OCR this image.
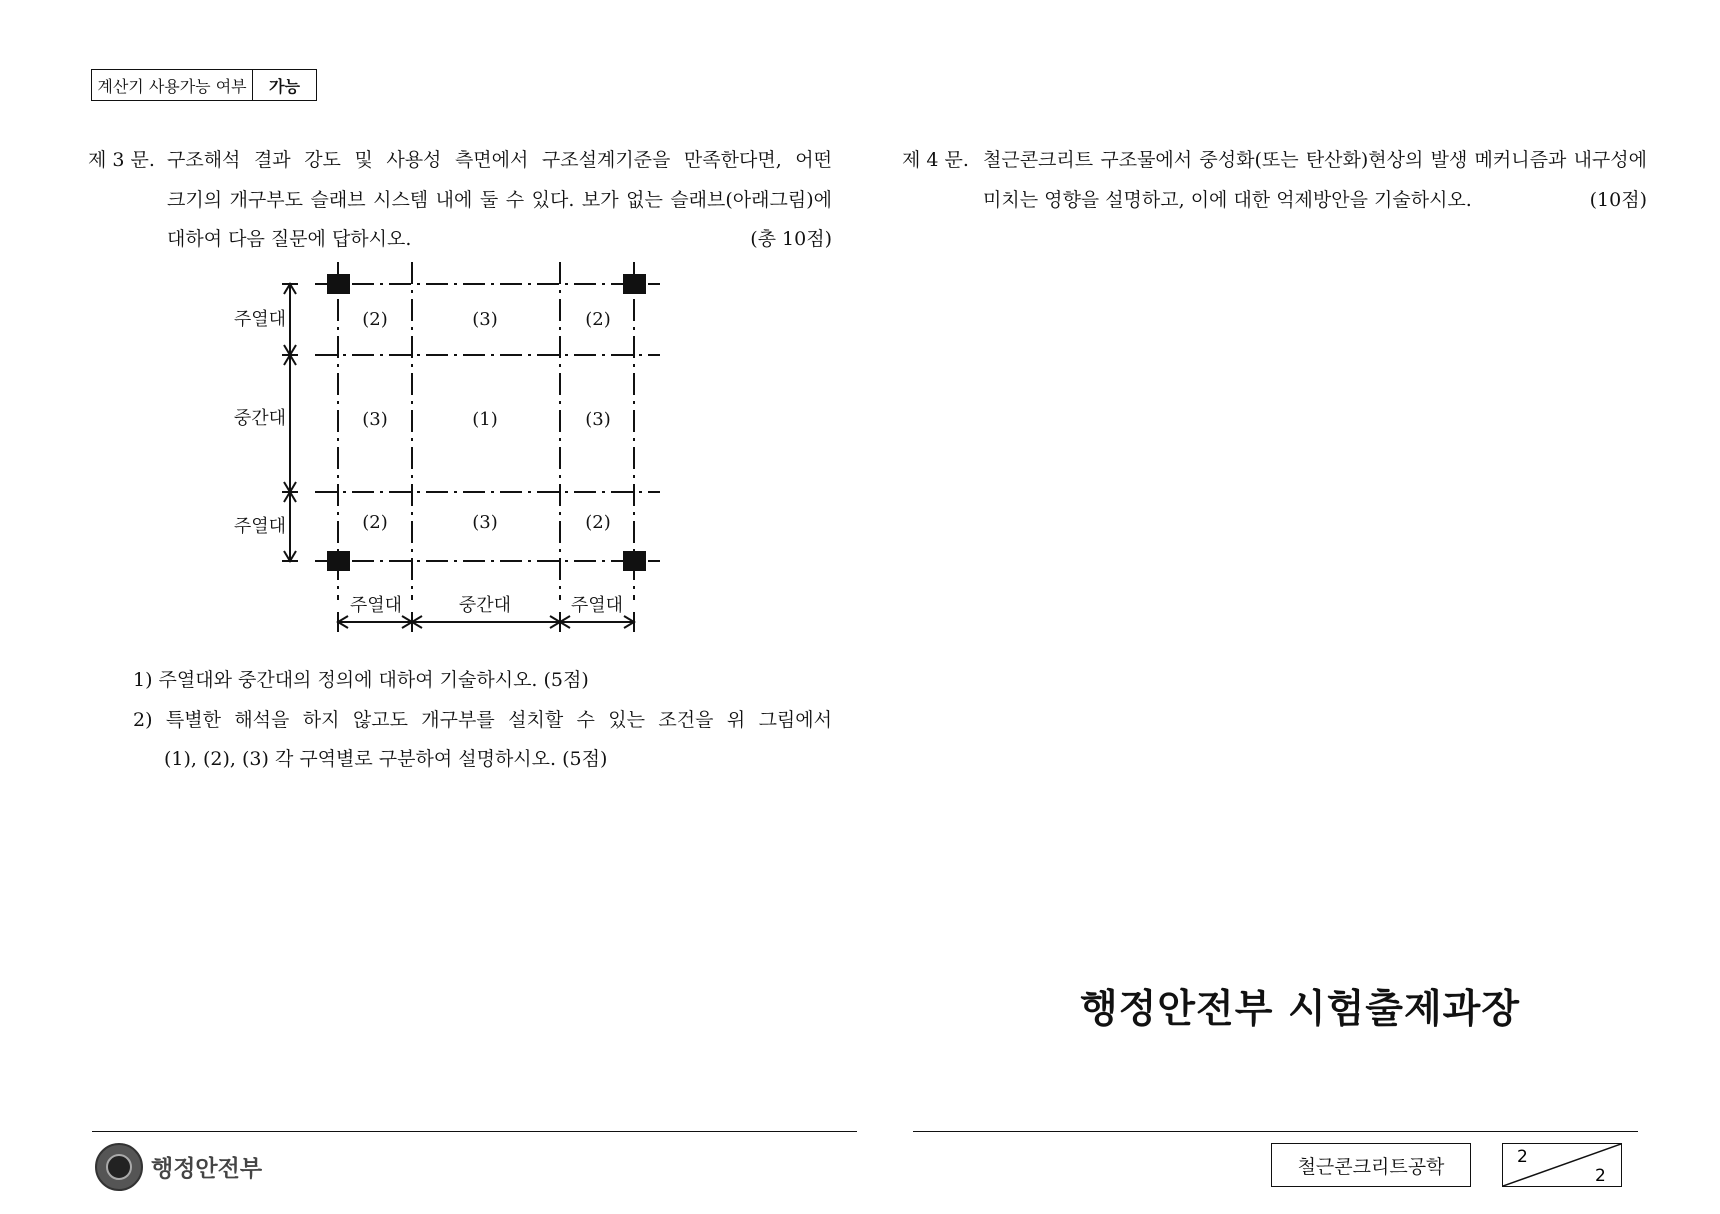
계산기 사용가능 여부	가능
제 3 문. 구조해석 결과 강도 및 사용성 측면에서 구조설계기준을 만족한다면, 어떤
크기의 개구부도 슬래브 시스템 내에 둘 수 있다. 보가 없는 슬래브(아래그림)에
대하여 다음 질문에 답하시오.	(총 10점)
주열대
중간대
주열대
주열대	중간대	주열대
(2)	(3)	(2)
(3)	(1)	(3)
(2)	(3)	(2)
1) 주열대와 중간대의 정의에 대하여 기술하시오. (5점)
2) 특별한 해석을 하지 않고도 개구부를 설치할 수 있는 조건을 위 그림에서
(1), (2), (3) 각 구역별로 구분하여 설명하시오. (5점)
제 4 문. 철근콘크리트 구조물에서 중성화(또는 탄산화)현상의 발생 메커니즘과 내구성에
미치는 영향을 설명하고, 이에 대한 억제방안을 기술하시오.	(10점)
행정안전부 시험출제과장
행정안전부	철근콘크리트공학	2
2
